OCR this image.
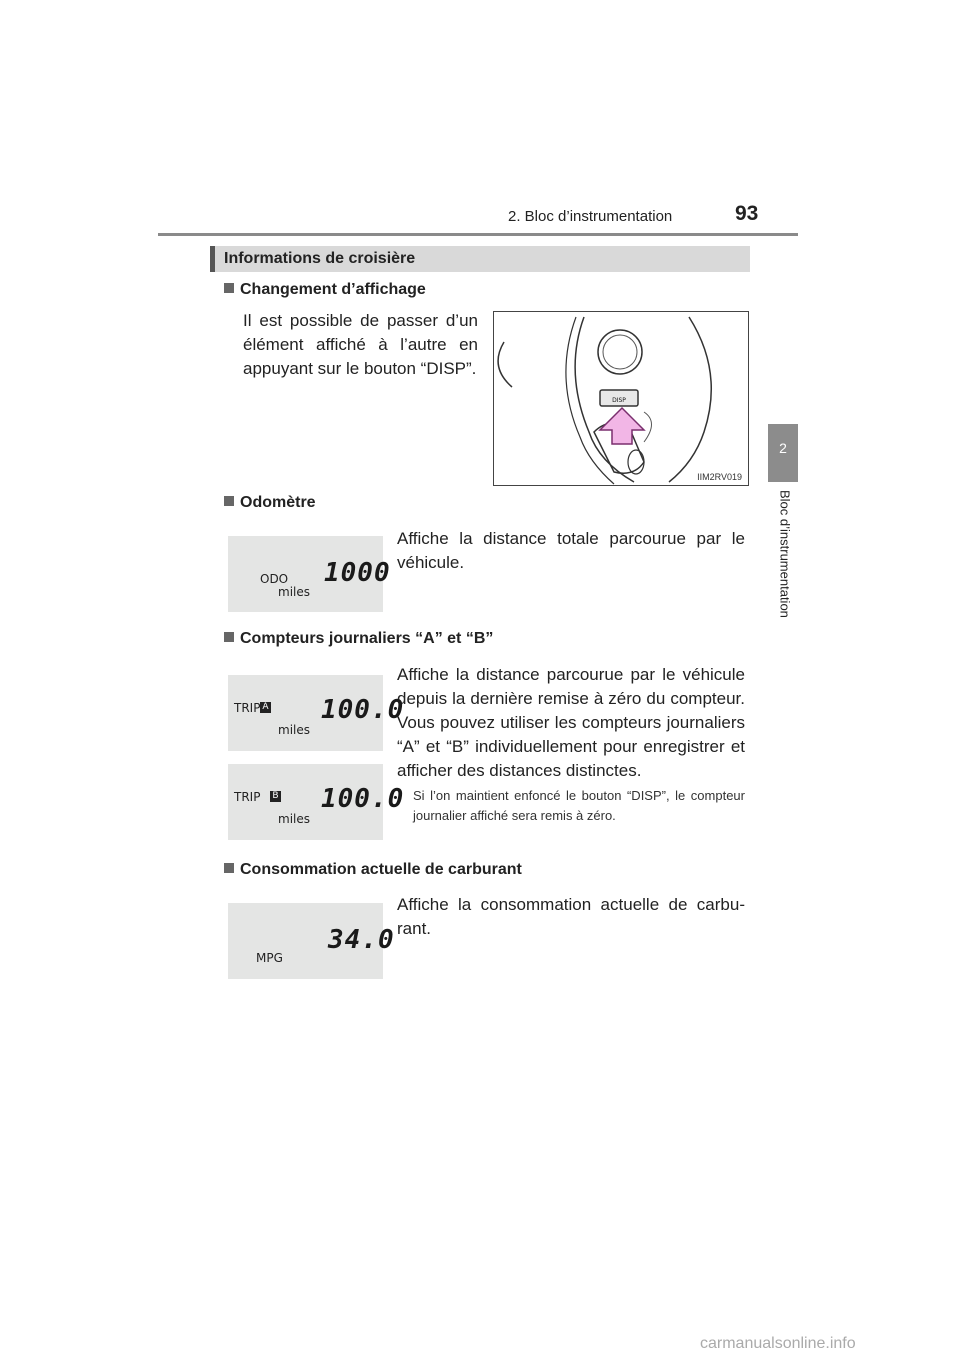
2. Bloc d’instrumentation	93
2
Bloc d’instrumentation
Informations de croisière
Changement d’affichage
Il est possible de passer d’un élément affiché à l’autre en appuyant sur le bouton “DISP”.
DISP
IIM2RV019
Odomètre
Affiche la distance totale parcourue par le véhicule.
ODO
miles
1000
Compteurs journaliers “A” et “B”
Affiche la distance parcourue par le véhicule depuis la dernière remise à zéro du compteur. Vous pouvez utiliser les compteurs journaliers “A” et “B” individuellement pour enregistrer et afficher des distances distinctes.
Si l’on maintient enfoncé le bouton “DISP”, le compteur journalier affiché sera remis à zéro.
TRIP A
miles
100.0
TRIP B
miles
100.0
Consommation actuelle de carburant
Affiche la consommation actuelle de carbu-rant.
34.0
MPG
carmanualsonline.info
